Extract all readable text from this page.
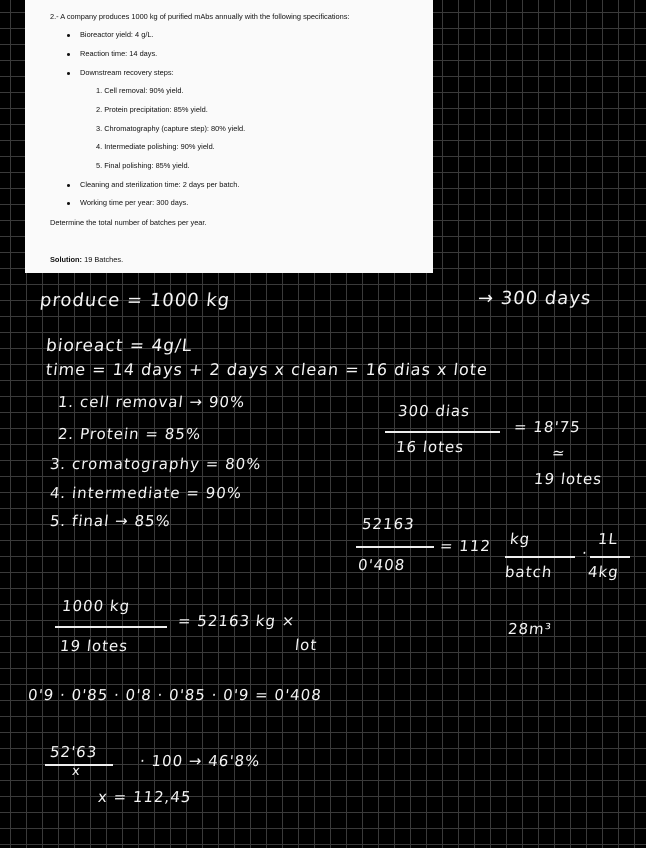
2.- A company produces 1000 kg of purified mAbs annually with the following specifications:
Bioreactor yield: 4 g/L.
Reaction time: 14 days.
Downstream recovery steps:
1. Cell removal: 90% yield.
2. Protein precipitation: 85% yield.
3. Chromatography (capture step): 80% yield.
4. Intermediate polishing: 90% yield.
5. Final polishing: 85% yield.
Cleaning and sterilization time: 2 days per batch.
Working time per year: 300 days.
Determine the total number of batches per year.
Solution: 19 Batches.
produce = 1000 kg	→ 300 days
bioreact = 4g/L
time = 14 days + 2 days x clean = 16 dias x lote
1. cell removal → 90%
2. Protein = 85%
3. cromatography = 80%
4. intermediate = 90%
5. final → 85%
300 dias
16 lotes
= 18'75
≃
19 lotes
52163
0'408
= 112 kg
batch
·
1L
4kg
1000 kg
19 lotes
= 52163 kg ×
lot
28m³
0'9 · 0'85 · 0'8 · 0'85 · 0'9 = 0'408
52'63
x
· 100 → 46'8%
x = 112,45
